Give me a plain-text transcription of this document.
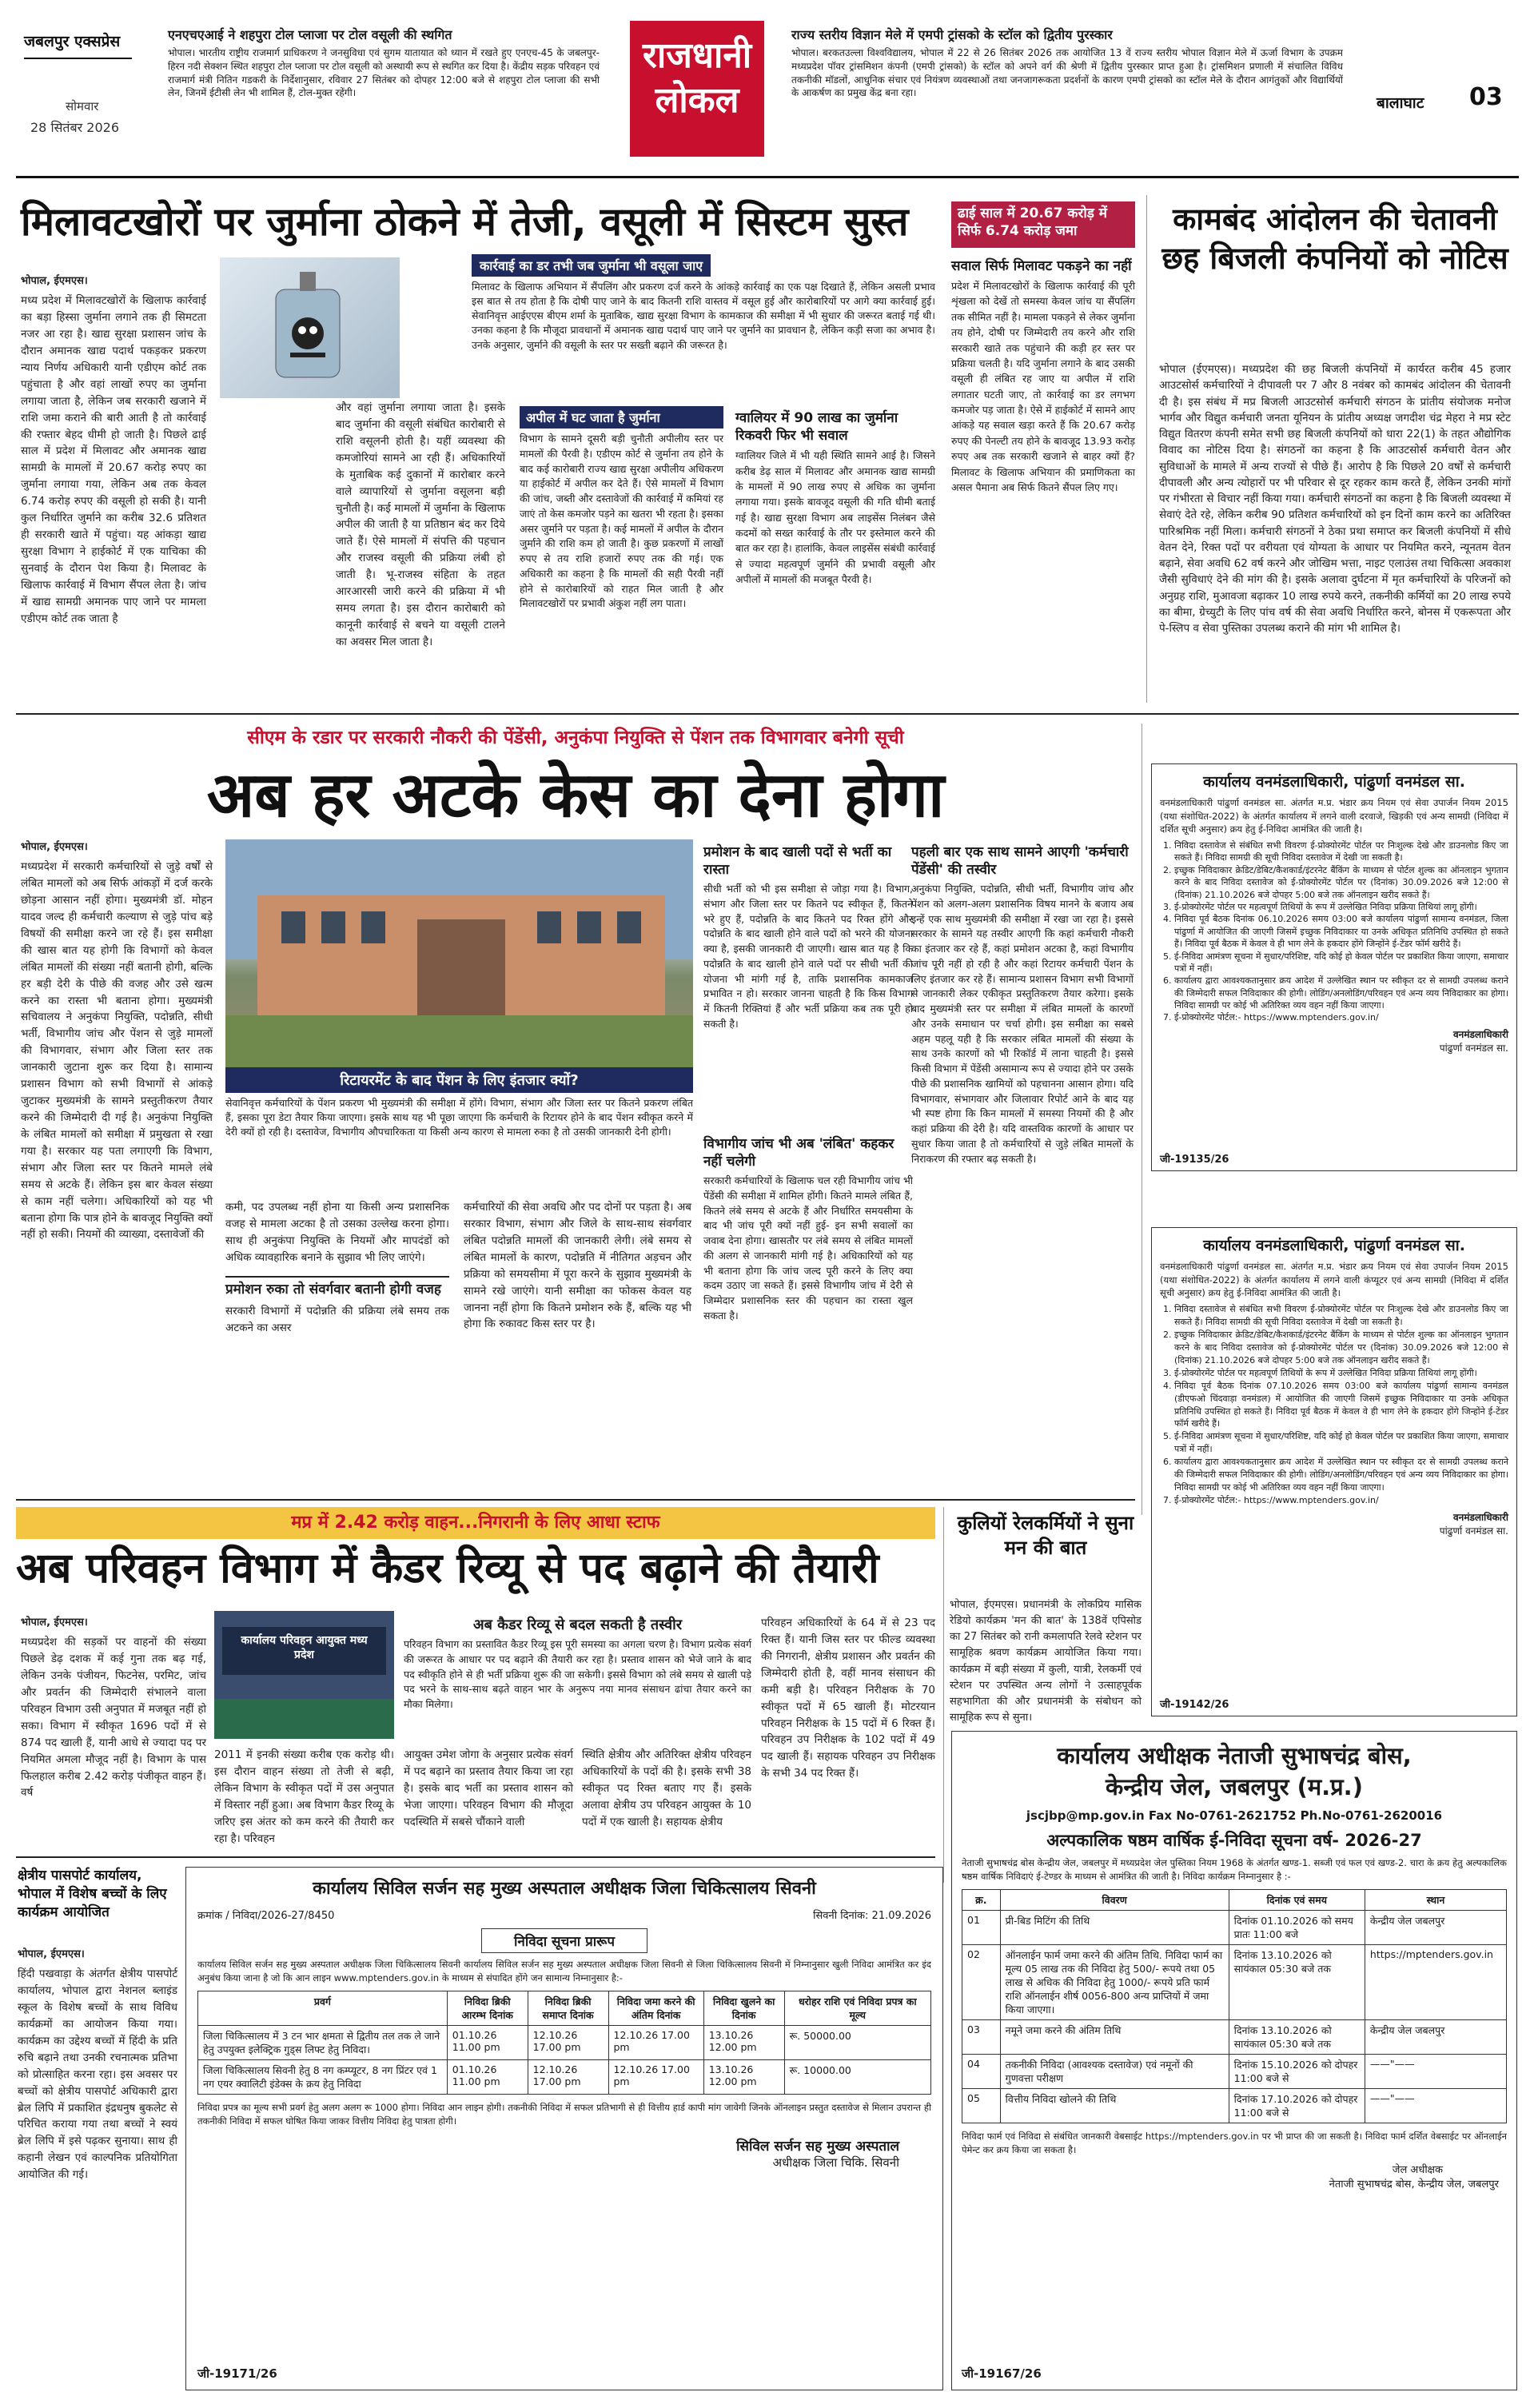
जबलपुर एक्सप्रेस
सोमवार
28 सितंबर 2026
एनएचएआई ने शहपुरा टोल प्लाजा पर टोल वसूली की स्थगित
भोपाल। भारतीय राष्ट्रीय राजमार्ग प्राधिकरण ने जनसुविधा एवं सुगम यातायात को ध्यान में रखते हुए एनएच-45 के जबलपुर-हिरन नदी सेक्शन स्थित शहपुरा टोल प्लाजा पर टोल वसूली को अस्थायी रूप से स्थगित कर दिया है। केंद्रीय सड़क परिवहन एवं राजमार्ग मंत्री नितिन गडकरी के निर्देशानुसार, रविवार 27 सितंबर को दोपहर 12:00 बजे से शहपुरा टोल प्लाजा की सभी लेन, जिनमें ईटीसी लेन भी शामिल हैं, टोल-मुक्त रहेंगी।
राजधानी
लोकल
राज्य स्तरीय विज्ञान मेले में एमपी ट्रांसको के स्टॉल को द्वितीय पुरस्कार
भोपाल। बरकतउल्ला विश्वविद्यालय, भोपाल में 22 से 26 सितंबर 2026 तक आयोजित 13 वें राज्य स्तरीय भोपाल विज्ञान मेले में ऊर्जा विभाग के उपक्रम मध्यप्रदेश पॉवर ट्रांसमिशन कंपनी (एमपी ट्रांसको) के स्टॉल को अपने वर्ग की श्रेणी में द्वितीय पुरस्कार प्राप्त हुआ है। ट्रांसमिशन प्रणाली में संचालित विविध तकनीकी मॉडलों, आधुनिक संचार एवं नियंत्रण व्यवस्थाओं तथा जनजागरूकता प्रदर्शनों के कारण एमपी ट्रांसको का स्टॉल मेले के दौरान आगंतुकों और विद्यार्थियों के आकर्षण का प्रमुख केंद्र बना रहा।
बालाघाट 03
मिलावटखोरों पर जुर्माना ठोकने में तेजी, वसूली में सिस्टम सुस्त	ढाई साल में 20.67 करोड़ में सिर्फ 6.74 करोड़ जमा
भोपाल, ईएमएस।
मध्य प्रदेश में मिलावटखोरों के खिलाफ कार्रवाई का बड़ा हिस्सा जुर्माना लगाने तक ही सिमटता नजर आ रहा है। खाद्य सुरक्षा प्रशासन जांच के दौरान अमानक खाद्य पदार्थ पकड़कर प्रकरण न्याय निर्णय अधिकारी यानी एडीएम कोर्ट तक पहुंचाता है और वहां लाखों रुपए का जुर्माना लगाया जाता है, लेकिन जब सरकारी खजाने में राशि जमा कराने की बारी आती है तो कार्रवाई की रफ्तार बेहद धीमी हो जाती है। पिछले ढाई साल में प्रदेश में मिलावट और अमानक खाद्य सामग्री के मामलों में 20.67 करोड़ रुपए का जुर्माना लगाया गया, लेकिन अब तक केवल 6.74 करोड़ रुपए की वसूली हो सकी है। यानी कुल निर्धारित जुर्माने का करीब 32.6 प्रतिशत ही सरकारी खाते में पहुंचा। यह आंकड़ा खाद्य सुरक्षा विभाग ने हाईकोर्ट में एक याचिका की सुनवाई के दौरान पेश किया है। मिलावट के खिलाफ कार्रवाई में विभाग सैंपल लेता है। जांच में खाद्य सामग्री अमानक पाए जाने पर मामला एडीएम कोर्ट तक जाता है
और वहां जुर्माना लगाया जाता है। इसके बाद जुर्माना की वसूली संबंधित कारोबारी से राशि वसूलनी होती है। यहीं व्यवस्था की कमजोरियां सामने आ रही हैं। अधिकारियों के मुताबिक कई दुकानों में कारोबार करने वाले व्यापारियों से जुर्माना वसूलना बड़ी चुनौती है। कई मामलों में जुर्माना के खिलाफ अपील की जाती है या प्रतिष्ठान बंद कर दिये जाते हैं। ऐसे मामलों में संपत्ति की पहचान और राजस्व वसूली की प्रक्रिया लंबी हो जाती है। भू-राजस्व संहिता के तहत आरआरसी जारी करने की प्रक्रिया में भी समय लगता है। इस दौरान कारोबारी को कानूनी कार्रवाई से बचने या वसूली टालने का अवसर मिल जाता है।
कार्रवाई का डर तभी जब जुर्माना भी वसूला जाए
मिलावट के खिलाफ अभियान में सैंपलिंग और प्रकरण दर्ज करने के आंकड़े कार्रवाई का एक पक्ष दिखाते हैं, लेकिन असली प्रभाव इस बात से तय होता है कि दोषी पाए जाने के बाद कितनी राशि वास्तव में वसूल हुई और कारोबारियों पर आगे क्या कार्रवाई हुई। सेवानिवृत्त आईएएस बीएम शर्मा के मुताबिक, खाद्य सुरक्षा विभाग के कामकाज की समीक्षा में भी सुधार की जरूरत बताई गई थी। उनका कहना है कि मौजूदा प्रावधानों में अमानक खाद्य पदार्थ पाए जाने पर जुर्माने का प्रावधान है, लेकिन कड़ी सजा का अभाव है। उनके अनुसार, जुर्माने की वसूली के स्तर पर सख्ती बढ़ाने की जरूरत है।
अपील में घट जाता है जुर्माना
विभाग के सामने दूसरी बड़ी चुनौती अपीलीय स्तर पर मामलों की पैरवी है। एडीएम कोर्ट से जुर्माना तय होने के बाद कई कारोबारी राज्य खाद्य सुरक्षा अपीलीय अधिकरण या हाईकोर्ट में अपील कर देते हैं। ऐसे मामलों में विभाग की जांच, जब्ती और दस्तावेजों की कार्रवाई में कमियां रह जाएं तो केस कमजोर पड़ने का खतरा भी रहता है। इसका असर जुर्माने पर पड़ता है। कई मामलों में अपील के दौरान जुर्माने की राशि कम हो जाती है। कुछ प्रकरणों में लाखों रुपए से तय राशि हजारों रुपए तक की गई। एक अधिकारी का कहना है कि मामलों की सही पैरवी नहीं होने से कारोबारियों को राहत मिल जाती है और मिलावटखोरों पर प्रभावी अंकुश नहीं लग पाता।
ग्वालियर में 90 लाख का जुर्माना रिकवरी फिर भी सवाल
ग्वालियर जिले में भी यही स्थिति सामने आई है। जिसने करीब डेढ़ साल में मिलावट और अमानक खाद्य सामग्री के मामलों में 90 लाख रुपए से अधिक का जुर्माना लगाया गया। इसके बावजूद वसूली की गति धीमी बताई गई है। खाद्य सुरक्षा विभाग अब लाइसेंस निलंबन जैसे कदमों को सख्त कार्रवाई के तौर पर इस्तेमाल करने की बात कर रहा है। हालांकि, केवल लाइसेंस संबंधी कार्रवाई से ज्यादा महत्वपूर्ण जुर्माने की प्रभावी वसूली और अपीलों में मामलों की मजबूत पैरवी है।
सवाल सिर्फ मिलावट पकड़ने का नहीं
प्रदेश में मिलावटखोरों के खिलाफ कार्रवाई की पूरी शृंखला को देखें तो समस्या केवल जांच या सैंपलिंग तक सीमित नहीं है। मामला पकड़ने से लेकर जुर्माना तय होने, दोषी पर जिम्मेदारी तय करने और राशि सरकारी खाते तक पहुंचाने की कड़ी हर स्तर पर प्रक्रिया चलती है। यदि जुर्माना लगाने के बाद उसकी वसूली ही लंबित रह जाए या अपील में राशि लगातार घटती जाए, तो कार्रवाई का डर लगभग कमजोर पड़ जाता है। ऐसे में हाईकोर्ट में सामने आए आंकड़े यह सवाल खड़ा करते हैं कि 20.67 करोड़ रुपए की पेनल्टी तय होने के बावजूद 13.93 करोड़ रुपए अब तक सरकारी खजाने से बाहर क्यों हैं? मिलावट के खिलाफ अभियान की प्रमाणिकता का असल पैमाना अब सिर्फ कितने सैंपल लिए गए।
कामबंद आंदोलन की चेतावनी छह बिजली कंपनियों को नोटिस
भोपाल (ईएमएस)। मध्यप्रदेश की छह बिजली कंपनियों में कार्यरत करीब 45 हजार आउटसोर्स कर्मचारियों ने दीपावली पर 7 और 8 नवंबर को कामबंद आंदोलन की चेतावनी दी है। इस संबंध में मप्र बिजली आउटसोर्स कर्मचारी संगठन के प्रांतीय संयोजक मनोज भार्गव और विद्युत कर्मचारी जनता यूनियन के प्रांतीय अध्यक्ष जगदीश चंद्र मेहरा ने मप्र स्टेट विद्युत वितरण कंपनी समेत सभी छह बिजली कंपनियों को धारा 22(1) के तहत औद्योगिक विवाद का नोटिस दिया है। संगठनों का कहना है कि आउटसोर्स कर्मचारी वेतन और सुविधाओं के मामले में अन्य राज्यों से पीछे हैं। आरोप है कि पिछले 20 वर्षों से कर्मचारी दीपावली और अन्य त्योहारों पर भी परिवार से दूर रहकर काम करते हैं, लेकिन उनकी मांगों पर गंभीरता से विचार नहीं किया गया। कर्मचारी संगठनों का कहना है कि बिजली व्यवस्था में सेवाएं देते रहे, लेकिन करीब 90 प्रतिशत कर्मचारियों को इन दिनों काम करने का अतिरिक्त पारिश्रमिक नहीं मिला। कर्मचारी संगठनों ने ठेका प्रथा समाप्त कर बिजली कंपनियों में सीधे वेतन देने, रिक्त पदों पर वरीयता एवं योग्यता के आधार पर नियमित करने, न्यूनतम वेतन बढ़ाने, सेवा अवधि 62 वर्ष करने और जोखिम भत्ता, नाइट एलाउंस तथा चिकित्सा अवकाश जैसी सुविधाएं देने की मांग की है। इसके अलावा दुर्घटना में मृत कर्मचारियों के परिजनों को अनुग्रह राशि, मुआवजा बढ़ाकर 10 लाख रुपये करने, तकनीकी कर्मियों का 20 लाख रुपये का बीमा, ग्रेच्युटी के लिए पांच वर्ष की सेवा अवधि निर्धारित करने, बोनस में एकरूपता और पे-स्लिप व सेवा पुस्तिका उपलब्ध कराने की मांग भी शामिल है।
सीएम के रडार पर सरकारी नौकरी की पेंडेंसी, अनुकंपा नियुक्ति से पेंशन तक विभागवार बनेगी सूची
अब हर अटके केस का देना होगा
भोपाल, ईएमएस।
मध्यप्रदेश में सरकारी कर्मचारियों से जुड़े वर्षों से लंबित मामलों को अब सिर्फ आंकड़ों में दर्ज करके छोड़ना आसान नहीं होगा। मुख्यमंत्री डॉ. मोहन यादव जल्द ही कर्मचारी कल्याण से जुड़े पांच बड़े विषयों की समीक्षा करने जा रहे हैं। इस समीक्षा की खास बात यह होगी कि विभागों को केवल लंबित मामलों की संख्या नहीं बतानी होगी, बल्कि हर बड़ी देरी के पीछे की वजह और उसे खत्म करने का रास्ता भी बताना होगा। मुख्यमंत्री सचिवालय ने अनुकंपा नियुक्ति, पदोन्नति, सीधी भर्ती, विभागीय जांच और पेंशन से जुड़े मामलों की विभागवार, संभाग और जिला स्तर तक जानकारी जुटाना शुरू कर दिया है। सामान्य प्रशासन विभाग को सभी विभागों से आंकड़े जुटाकर मुख्यमंत्री के सामने प्रस्तुतीकरण तैयार करने की जिम्मेदारी दी गई है। अनुकंपा नियुक्ति के लंबित मामलों को समीक्षा में प्रमुखता से रखा गया है। सरकार यह पता लगाएगी कि विभाग, संभाग और जिला स्तर पर कितने मामले लंबे समय से अटके हैं। लेकिन इस बार केवल संख्या से काम नहीं चलेगा। अधिकारियों को यह भी बताना होगा कि पात्र होने के बावजूद नियुक्ति क्यों नहीं हो सकी। नियमों की व्याख्या, दस्तावेजों की
रिटायरमेंट के बाद पेंशन के लिए इंतजार क्यों?
सेवानिवृत्त कर्मचारियों के पेंशन प्रकरण भी मुख्यमंत्री की समीक्षा में होंगे। विभाग, संभाग और जिला स्तर पर कितने प्रकरण लंबित हैं, इसका पूरा डेटा तैयार किया जाएगा। इसके साथ यह भी पूछा जाएगा कि कर्मचारी के रिटायर होने के बाद पेंशन स्वीकृत करने में देरी क्यों हो रही है। दस्तावेज, विभागीय औपचारिकता या किसी अन्य कारण से मामला रुका है तो उसकी जानकारी देनी होगी।
कमी, पद उपलब्ध नहीं होना या किसी अन्य प्रशासनिक वजह से मामला अटका है तो उसका उल्लेख करना होगा। साथ ही अनुकंपा नियुक्ति के नियमों और मापदंडों को अधिक व्यावहारिक बनाने के सुझाव भी लिए जाएंगे।
प्रमोशन रुका तो संवर्गवार बतानी होगी वजह
सरकारी विभागों में पदोन्नति की प्रक्रिया लंबे समय तक अटकने का असर
कर्मचारियों की सेवा अवधि और पद दोनों पर पड़ता है। अब सरकार विभाग, संभाग और जिले के साथ-साथ संवर्गवार लंबित पदोन्नति मामलों की जानकारी लेगी। लंबे समय से लंबित मामलों के कारण, पदोन्नति में नीतिगत अड़चन और प्रक्रिया को समयसीमा में पूरा करने के सुझाव मुख्यमंत्री के सामने रखे जाएंगे। यानी समीक्षा का फोकस केवल यह जानना नहीं होगा कि कितने प्रमोशन रुके हैं, बल्कि यह भी होगा कि रुकावट किस स्तर पर है।
प्रमोशन के बाद खाली पदों से भर्ती का रास्ता
सीधी भर्ती को भी इस समीक्षा से जोड़ा गया है। विभाग, संभाग और जिला स्तर पर कितने पद स्वीकृत हैं, कितने भरे हुए हैं, पदोन्नति के बाद कितने पद रिक्त होंगे और पदोन्नति के बाद खाली होने वाले पदों को भरने की योजना क्या है, इसकी जानकारी दी जाएगी। खास बात यह है कि पदोन्नति के बाद खाली होने वाले पदों पर सीधी भर्ती की योजना भी मांगी गई है, ताकि प्रशासनिक कामकाज प्रभावित न हो। सरकार जानना चाहती है कि किस विभाग में कितनी रिक्तियां हैं और भर्ती प्रक्रिया कब तक पूरी हो सकती है।
विभागीय जांच भी अब 'लंबित' कहकर नहीं चलेगी
सरकारी कर्मचारियों के खिलाफ चल रही विभागीय जांच भी पेंडेंसी की समीक्षा में शामिल होंगी। कितने मामले लंबित हैं, कितने लंबे समय से अटके हैं और निर्धारित समयसीमा के बाद भी जांच पूरी क्यों नहीं हुई- इन सभी सवालों का जवाब देना होगा। खासतौर पर लंबे समय से लंबित मामलों की अलग से जानकारी मांगी गई है। अधिकारियों को यह भी बताना होगा कि जांच जल्द पूरी करने के लिए क्या कदम उठाए जा सकते हैं। इससे विभागीय जांच में देरी से जिम्मेदार प्रशासनिक स्तर की पहचान का रास्ता खुल सकता है।
पहली बार एक साथ सामने आएगी 'कर्मचारी पेंडेंसी' की तस्वीर
अनुकंपा नियुक्ति, पदोन्नति, सीधी भर्ती, विभागीय जांच और पेंशन को अलग-अलग प्रशासनिक विषय मानने के बजाय अब इन्हें एक साथ मुख्यमंत्री की समीक्षा में रखा जा रहा है। इससे सरकार के सामने यह तस्वीर आएगी कि कहां कर्मचारी नौकरी का इंतजार कर रहे हैं, कहां प्रमोशन अटका है, कहां विभागीय जांच पूरी नहीं हो रही है और कहां रिटायर कर्मचारी पेंशन के लिए इंतजार कर रहे हैं। सामान्य प्रशासन विभाग सभी विभागों से जानकारी लेकर एकीकृत प्रस्तुतिकरण तैयार करेगा। इसके बाद मुख्यमंत्री स्तर पर समीक्षा में लंबित मामलों के कारणों और उनके समाधान पर चर्चा होगी। इस समीक्षा का सबसे अहम पहलू यही है कि सरकार लंबित मामलों की संख्या के साथ उनके कारणों को भी रिकॉर्ड में लाना चाहती है। इससे किसी विभाग में पेंडेंसी असामान्य रूप से ज्यादा होने पर उसके पीछे की प्रशासनिक खामियों को पहचानना आसान होगा। यदि विभागवार, संभागवार और जिलावार रिपोर्ट आने के बाद यह भी स्पष्ट होगा कि किन मामलों में समस्या नियमों की है और कहां प्रक्रिया की देरी है। यदि वास्तविक कारणों के आधार पर सुधार किया जाता है तो कर्मचारियों से जुड़े लंबित मामलों के निराकरण की रफ्तार बढ़ सकती है।
कार्यालय वनमंडलाधिकारी, पांढुर्णा वनमंडल सा.
वनमंडलाधिकारी पांढुर्णा वनमंडल सा. अंतर्गत म.प्र. भंडार क्रय नियम एवं सेवा उपार्जन नियम 2015 (यथा संशोधित-2022) के अंतर्गत कार्यालय में लगने वाली दरवाजे, खिड़की एवं अन्य सामग्री (निविदा में दर्शित सूची अनुसार) क्रय हेतु ई-निविदा आमंत्रित की जाती है।
1. निविदा दस्तावेज से संबंधित सभी विवरण ई-प्रोक्योरमेंट पोर्टल पर निःशुल्क देखे और डाउनलोड किए जा सकते हैं। निविदा सामग्री की सूची निविदा दस्तावेज में देखी जा सकती है।
2. इच्छुक निविदाकार क्रेडिट/डेबिट/कैशकार्ड/इंटरनेट बैंकिंग के माध्यम से पोर्टल शुल्क का ऑनलाइन भुगतान करने के बाद निविदा दस्तावेज को ई-प्रोक्योरमेंट पोर्टल पर (दिनांक) 30.09.2026 बजे 12:00 से (दिनांक) 21.10.2026 बजे दोपहर 5:00 बजे तक ऑनलाइन खरीद सकते हैं।
3. ई-प्रोक्योरमेंट पोर्टल पर महत्वपूर्ण तिथियों के रूप में उल्लेखित निविदा प्रक्रिया तिथियां लागू होंगी।
4. निविदा पूर्व बैठक दिनांक 06.10.2026 समय 03:00 बजे कार्यालय पांढुर्णा सामान्य वनमंडल, जिला पांढुर्णा में आयोजित की जाएगी जिसमें इच्छुक निविदाकार या उनके अधिकृत प्रतिनिधि उपस्थित हो सकते हैं। निविदा पूर्व बैठक में केवल वे ही भाग लेने के हकदार होंगे जिन्होंने ई-टेंडर फॉर्म खरीदे हैं।
5. ई-निविदा आमंत्रण सूचना में सुधार/परिशिष्ट, यदि कोई हो केवल पोर्टल पर प्रकाशित किया जाएगा, समाचार पत्रों में नहीं।
6. कार्यालय द्वारा आवश्यकतानुसार क्रय आदेश में उल्लेखित स्थान पर स्वीकृत दर से सामग्री उपलब्ध कराने की जिम्मेदारी सफल निविदाकार की होगी। लोडिंग/अनलोडिंग/परिवहन एवं अन्य व्यय निविदाकार का होगा। निविदा सामग्री पर कोई भी अतिरिक्त व्यय वहन नहीं किया जाएगा।
7. ई-प्रोक्योरमेंट पोर्टल:- https://www.mptenders.gov.in/
वनमंडलाधिकारी
पांढुर्णा वनमंडल सा.
जी-19135/26
कार्यालय वनमंडलाधिकारी, पांढुर्णा वनमंडल सा.
वनमंडलाधिकारी पांढुर्णा वनमंडल सा. अंतर्गत म.प्र. भंडार क्रय नियम एवं सेवा उपार्जन नियम 2015 (यथा संशोधित-2022) के अंतर्गत कार्यालय में लगने वाली कंप्यूटर एवं अन्य सामग्री (निविदा में दर्शित सूची अनुसार) क्रय हेतु ई-निविदा आमंत्रित की जाती है।
1. निविदा दस्तावेज से संबंधित सभी विवरण ई-प्रोक्योरमेंट पोर्टल पर निःशुल्क देखे और डाउनलोड किए जा सकते हैं। निविदा सामग्री की सूची निविदा दस्तावेज में देखी जा सकती है।
2. इच्छुक निविदाकार क्रेडिट/डेबिट/कैशकार्ड/इंटरनेट बैंकिंग के माध्यम से पोर्टल शुल्क का ऑनलाइन भुगतान करने के बाद निविदा दस्तावेज को ई-प्रोक्योरमेंट पोर्टल पर (दिनांक) 30.09.2026 बजे 12:00 से (दिनांक) 21.10.2026 बजे दोपहर 5:00 बजे तक ऑनलाइन खरीद सकते हैं।
3. ई-प्रोक्योरमेंट पोर्टल पर महत्वपूर्ण तिथियों के रूप में उल्लेखित निविदा प्रक्रिया तिथियां लागू होंगी।
4. निविदा पूर्व बैठक दिनांक 07.10.2026 समय 03:00 बजे कार्यालय पांढुर्णा सामान्य वनमंडल (डीएफओ चिंदवाड़ा वनमंडल) में आयोजित की जाएगी जिसमें इच्छुक निविदाकार या उनके अधिकृत प्रतिनिधि उपस्थित हो सकते हैं। निविदा पूर्व बैठक में केवल वे ही भाग लेने के हकदार होंगे जिन्होंने ई-टेंडर फॉर्म खरीदे हैं।
5. ई-निविदा आमंत्रण सूचना में सुधार/परिशिष्ट, यदि कोई हो केवल पोर्टल पर प्रकाशित किया जाएगा, समाचार पत्रों में नहीं।
6. कार्यालय द्वारा आवश्यकतानुसार क्रय आदेश में उल्लेखित स्थान पर स्वीकृत दर से सामग्री उपलब्ध कराने की जिम्मेदारी सफल निविदाकार की होगी। लोडिंग/अनलोडिंग/परिवहन एवं अन्य व्यय निविदाकार का होगा। निविदा सामग्री पर कोई भी अतिरिक्त व्यय वहन नहीं किया जाएगा।
7. ई-प्रोक्योरमेंट पोर्टल:- https://www.mptenders.gov.in/
वनमंडलाधिकारी
पांढुर्णा वनमंडल सा.
जी-19142/26
मप्र में 2.42 करोड़ वाहन...निगरानी के लिए आधा स्टाफ
अब परिवहन विभाग में कैडर रिव्यू से पद बढ़ाने की तैयारी
भोपाल, ईएमएस।
मध्यप्रदेश की सड़कों पर वाहनों की संख्या पिछले डेढ़ दशक में कई गुना तक बढ़ गई, लेकिन उनके पंजीयन, फिटनेस, परमिट, जांच और प्रवर्तन की जिम्मेदारी संभालने वाला परिवहन विभाग उसी अनुपात में मजबूत नहीं हो सका। विभाग में स्वीकृत 1696 पदों में से 874 पद खाली हैं, यानी आधे से ज्यादा पद पर नियमित अमला मौजूद नहीं है। विभाग के पास फिलहाल करीब 2.42 करोड़ पंजीकृत वाहन हैं। वर्ष
कार्यालय परिवहन आयुक्त मध्य प्रदेश
2011 में इनकी संख्या करीब एक करोड़ थी। इस दौरान वाहन संख्या तो तेजी से बढ़ी, लेकिन विभाग के स्वीकृत पदों में उस अनुपात में विस्तार नहीं हुआ। अब विभाग कैडर रिव्यू के जरिए इस अंतर को कम करने की तैयारी कर रहा है। परिवहन
अब कैडर रिव्यू से बदल सकती है तस्वीर
परिवहन विभाग का प्रस्तावित कैडर रिव्यू इस पूरी समस्या का अगला चरण है। विभाग प्रत्येक संवर्ग की जरूरत के आधार पर पद बढ़ाने की तैयारी कर रहा है। प्रस्ताव शासन को भेजे जाने के बाद पद स्वीकृति होने से ही भर्ती प्रक्रिया शुरू की जा सकेगी। इससे विभाग को लंबे समय से खाली पड़े पद भरने के साथ-साथ बढ़ते वाहन भार के अनुरूप नया मानव संसाधन ढांचा तैयार करने का मौका मिलेगा।
आयुक्त उमेश जोगा के अनुसार प्रत्येक संवर्ग में पद बढ़ाने का प्रस्ताव तैयार किया जा रहा है। इसके बाद भर्ती का प्रस्ताव शासन को भेजा जाएगा। परिवहन विभाग की मौजूदा पदस्थिति में सबसे चौंकाने वाली
स्थिति क्षेत्रीय और अतिरिक्त क्षेत्रीय परिवहन अधिकारियों के पदों की है। इसके सभी 38 स्वीकृत पद रिक्त बताए गए हैं। इसके अलावा क्षेत्रीय उप परिवहन आयुक्त के 10 पदों में एक खाली है। सहायक क्षेत्रीय
परिवहन अधिकारियों के 64 में से 23 पद रिक्त हैं। यानी जिस स्तर पर फील्ड व्यवस्था की निगरानी, क्षेत्रीय प्रशासन और प्रवर्तन की जिम्मेदारी होती है, वहीं मानव संसाधन की कमी बड़ी है। परिवहन निरीक्षक के 70 स्वीकृत पदों में 65 खाली हैं। मोटरयान परिवहन निरीक्षक के 15 पदों में 6 रिक्त हैं। परिवहन उप निरीक्षक के 102 पदों में 49 पद खाली हैं। सहायक परिवहन उप निरीक्षक के सभी 34 पद रिक्त हैं।
कुलियों रेलकर्मियों ने सुना मन की बात
भोपाल, ईएमएस। प्रधानमंत्री के लोकप्रिय मासिक रेडियो कार्यक्रम 'मन की बात' के 138वें एपिसोड का 27 सितंबर को रानी कमलापति रेलवे स्टेशन पर सामूहिक श्रवण कार्यक्रम आयोजित किया गया। कार्यक्रम में बड़ी संख्या में कुली, यात्री, रेलकर्मी एवं स्टेशन पर उपस्थित अन्य लोगों ने उत्साहपूर्वक सहभागिता की और प्रधानमंत्री के संबोधन को सामूहिक रूप से सुना।
क्षेत्रीय पासपोर्ट कार्यालय, भोपाल में विशेष बच्चों के लिए कार्यक्रम आयोजित
भोपाल, ईएमएस।
हिंदी पखवाड़ा के अंतर्गत क्षेत्रीय पासपोर्ट कार्यालय, भोपाल द्वारा नेशनल ब्लाइंड स्कूल के विशेष बच्चों के साथ विविध कार्यक्रमों का आयोजन किया गया। कार्यक्रम का उद्देश्य बच्चों में हिंदी के प्रति रुचि बढ़ाने तथा उनकी रचनात्मक प्रतिभा को प्रोत्साहित करना रहा। इस अवसर पर बच्चों को क्षेत्रीय पासपोर्ट अधिकारी द्वारा ब्रेल लिपि में प्रकाशित इंद्रधनुष बुकलेट से परिचित कराया गया तथा बच्चों ने स्वयं ब्रेल लिपि में इसे पढ़कर सुनाया। साथ ही कहानी लेखन एवं काल्पनिक प्रतियोगिता आयोजित की गई।
कार्यालय सिविल सर्जन सह मुख्य अस्पताल अधीक्षक जिला चिकित्सालय सिवनी
क्रमांक / निविदा/2026-27/8450	सिवनी दिनांक: 21.09.2026
निविदा सूचना प्रारूप
कार्यालय सिविल सर्जन सह मुख्य अस्पताल अधीक्षक जिला चिकित्सालय सिवनी कार्यालय सिविल सर्जन सह मुख्य अस्पताल अधीक्षक जिला सिवनी से जिला चिकित्सालय सिवनी में निम्नानुसार खुली निविदा आमंत्रित कर इंद अनुबंध किया जाना है जो कि आन लाइन www.mptenders.gov.in के माध्यम से संपादित होंगे जन सामान्य निम्नानुसार है:-
प्रवर्ग	निविदा ब्रिकी आरम्भ दिनांक	निविदा ब्रिकी समाप्त दिनांक	निविदा जमा करने की अंतिम दिनांक	निविदा खुलने का दिनांक	धरोहर राशि एवं निविदा प्रपत्र का मूल्य
जिला चिकित्सालय में 3 टन भार क्षमता से द्वितीय तल तक ले जाने हेतु उपयुक्त इलेक्ट्रिक गुड्स लिफ्ट हेतु निविदा।	01.10.26 11.00 pm	12.10.26 17.00 pm	12.10.26 17.00 pm	13.10.26 12.00 pm	रू. 50000.00
जिला चिकित्सालय सिवनी हेतु 8 नग कम्प्यूटर, 8 नग प्रिंटर एवं 1 नग एयर क्वालिटी इंडेक्स के क्रय हेतु निविदा	01.10.26 11.00 pm	12.10.26 17.00 pm	12.10.26 17.00 pm	13.10.26 12.00 pm	रू. 10000.00
निविदा प्रपत्र का मूल्य सभी प्रवर्ग हेतु अलग अलग रू 1000 होगा। निविदा आन लाइन होगी। तकनीकी निविदा में सफल प्रतिभागी से ही वित्तीय हार्ड कापी मांग जावेगी जिनके ऑनलाइन प्रस्तुत दस्तावेज से मिलान उपरान्त ही तकनीकी निविदा में सफल घोषित किया जाकर वित्तीय निविदा हेतु पात्रता होगी।
सिविल सर्जन सह मुख्य अस्पताल
अधीक्षक जिला चिकि. सिवनी
जी-19171/26
कार्यालय अधीक्षक नेताजी सुभाषचंद्र बोस,
केन्द्रीय जेल, जबलपुर (म.प्र.)
jscjbp@mp.gov.in Fax No-0761-2621752 Ph.No-0761-2620016
अल्पकालिक षष्ठम वार्षिक ई-निविदा सूचना वर्ष- 2026-27
नेताजी सुभाषचंद्र बोस केन्द्रीय जेल, जबलपुर में मध्यप्रदेश जेल पुस्तिका नियम 1968 के अंतर्गत खण्ड-1. सब्जी एवं फल एवं खण्ड-2. चारा के क्रय हेतु अल्पकालिक षष्ठम वार्षिक निविदाएं ई-टेण्डर के माध्यम से आमंत्रित की जाती है। निविदा कार्यक्रम निम्नानुसार है :-
क्र.	विवरण	दिनांक एवं समय	स्थान
01	प्री-बिड मिटिंग की तिथि	दिनांक 01.10.2026 को समय प्रातः 11:00 बजे	केन्द्रीय जेल जबलपुर
02	ऑनलाईन फार्म जमा करने की अंतिम तिथि. निविदा फार्म का मूल्य 05 लाख तक की निविदा हेतु 500/- रूपये तथा 05 लाख से अधिक की निविदा हेतु 1000/- रूपये प्रति फार्म राशि ऑनलाईन शीर्ष 0056-800 अन्य प्राप्तियों में जमा किया जाएगा।	दिनांक 13.10.2026 को सायंकाल 05:30 बजे तक	https://mptenders.gov.in
03	नमूने जमा करने की अंतिम तिथि	दिनांक 13.10.2026 को सायंकाल 05:30 बजे तक	केन्द्रीय जेल जबलपुर
04	तकनीकी निविदा (आवश्यक दस्तावेज) एवं नमूनों की गुणवत्ता परीक्षण	दिनांक 15.10.2026 को दोपहर 11:00 बजे से	——"——
05	वित्तीय निविदा खोलने की तिथि	दिनांक 17.10.2026 को दोपहर 11:00 बजे से	——"——
निविदा फार्म एवं निविदा से संबंधित जानकारी वेबसाईट https://mptenders.gov.in पर भी प्राप्त की जा सकती है। निविदा फार्म दर्शित वेबसाईट पर ऑनलाईन पेमेन्ट कर क्रय किया जा सकता है।
जेल अधीक्षक
नेताजी सुभाषचंद्र बोस, केन्द्रीय जेल, जबलपुर
जी-19167/26
